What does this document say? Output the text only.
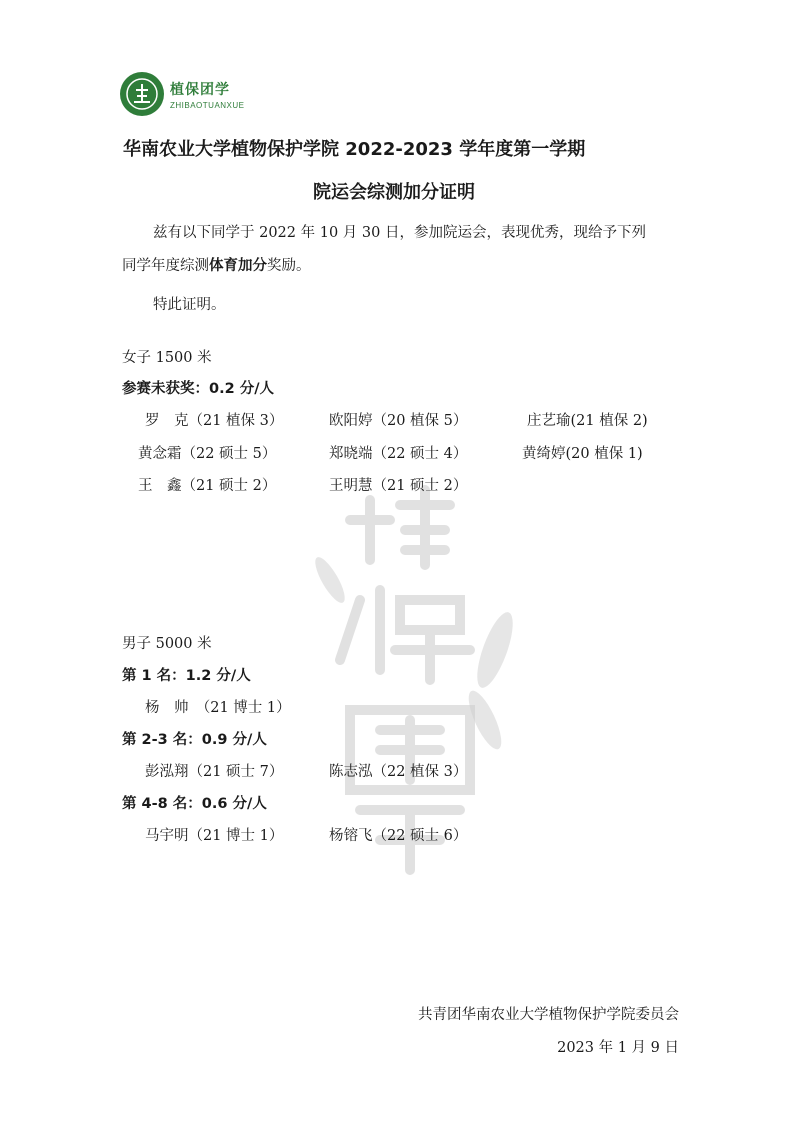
植保团学
ZHIBAOTUANXUE
华南农业大学植物保护学院 2022-2023 学年度第一学期
院运会综测加分证明
兹有以下同学于 2022 年 10 月 30 日，参加院运会，表现优秀，现给予下列
同学年度综测体育加分奖励。
特此证明。
女子 1500 米
参赛未获奖：0.2 分/人
罗　克（21 植保 3）	欧阳婷（20 植保 5）	庄艺瑜(21 植保 2)
黄念霜（22 硕士 5）	郑晓端（22 硕士 4）	黄绮婷(20 植保 1)
王　鑫（21 硕士 2）	王明慧（21 硕士 2）
男子 5000 米
第 1 名：1.2 分/人
杨　帅　（21 博士 1）
第 2-3 名：0.9 分/人
彭泓翔（21 硕士 7）	陈志泓（22 植保 3）
第 4-8 名：0.6 分/人
马宇明（21 博士 1）	杨镕飞（22 硕士 6）
共青团华南农业大学植物保护学院委员会
2023 年 1 月 9 日
